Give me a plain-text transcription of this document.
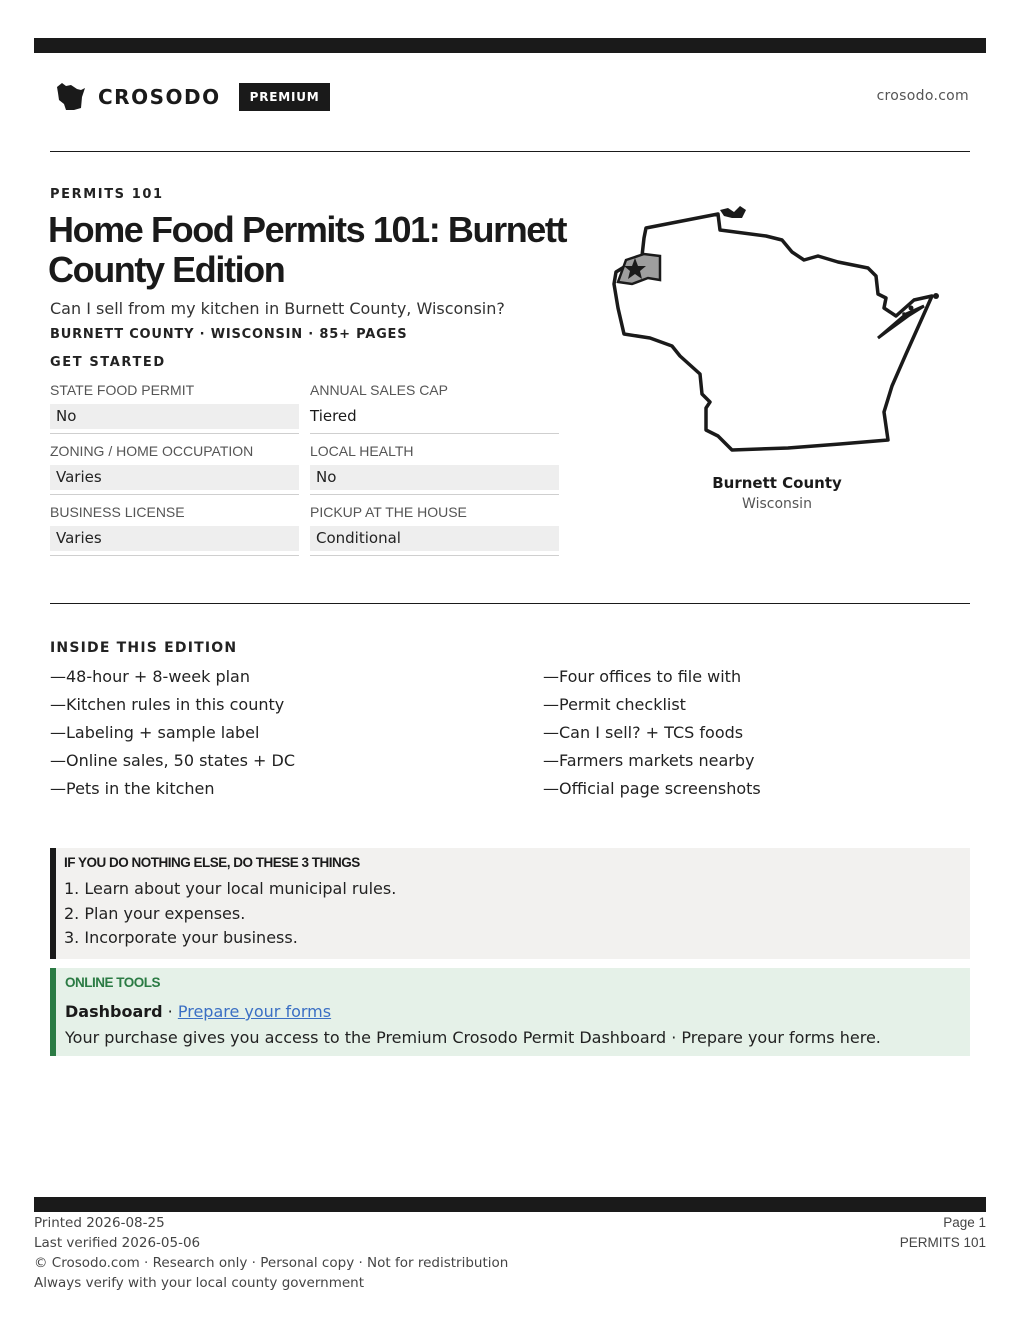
CROSODO	PREMIUM	crosodo.com
PERMITS 101
Home Food Permits 101: Burnett County Edition
Can I sell from my kitchen in Burnett County, Wisconsin?
BURNETT COUNTY · WISCONSIN · 85+ PAGES
GET STARTED
STATE FOOD PERMIT
No
ANNUAL SALES CAP
Tiered
ZONING / HOME OCCUPATION
Varies
LOCAL HEALTH
No
BUSINESS LICENSE
Varies
PICKUP AT THE HOUSE
Conditional
Burnett County
Wisconsin
INSIDE THIS EDITION
—48-hour + 8-week plan
—Kitchen rules in this county
—Labeling + sample label
—Online sales, 50 states + DC
—Pets in the kitchen
—Four offices to file with
—Permit checklist
—Can I sell? + TCS foods
—Farmers markets nearby
—Official page screenshots
IF YOU DO NOTHING ELSE, DO THESE 3 THINGS
1. Learn about your local municipal rules.
2. Plan your expenses.
3. Incorporate your business.
ONLINE TOOLS
Dashboard · Prepare your forms
Your purchase gives you access to the Premium Crosodo Permit Dashboard · Prepare your forms here.
Printed 2026-08-25
Last verified 2026-05-06
© Crosodo.com · Research only · Personal copy · Not for redistribution
Always verify with your local county government
Page 1
PERMITS 101
